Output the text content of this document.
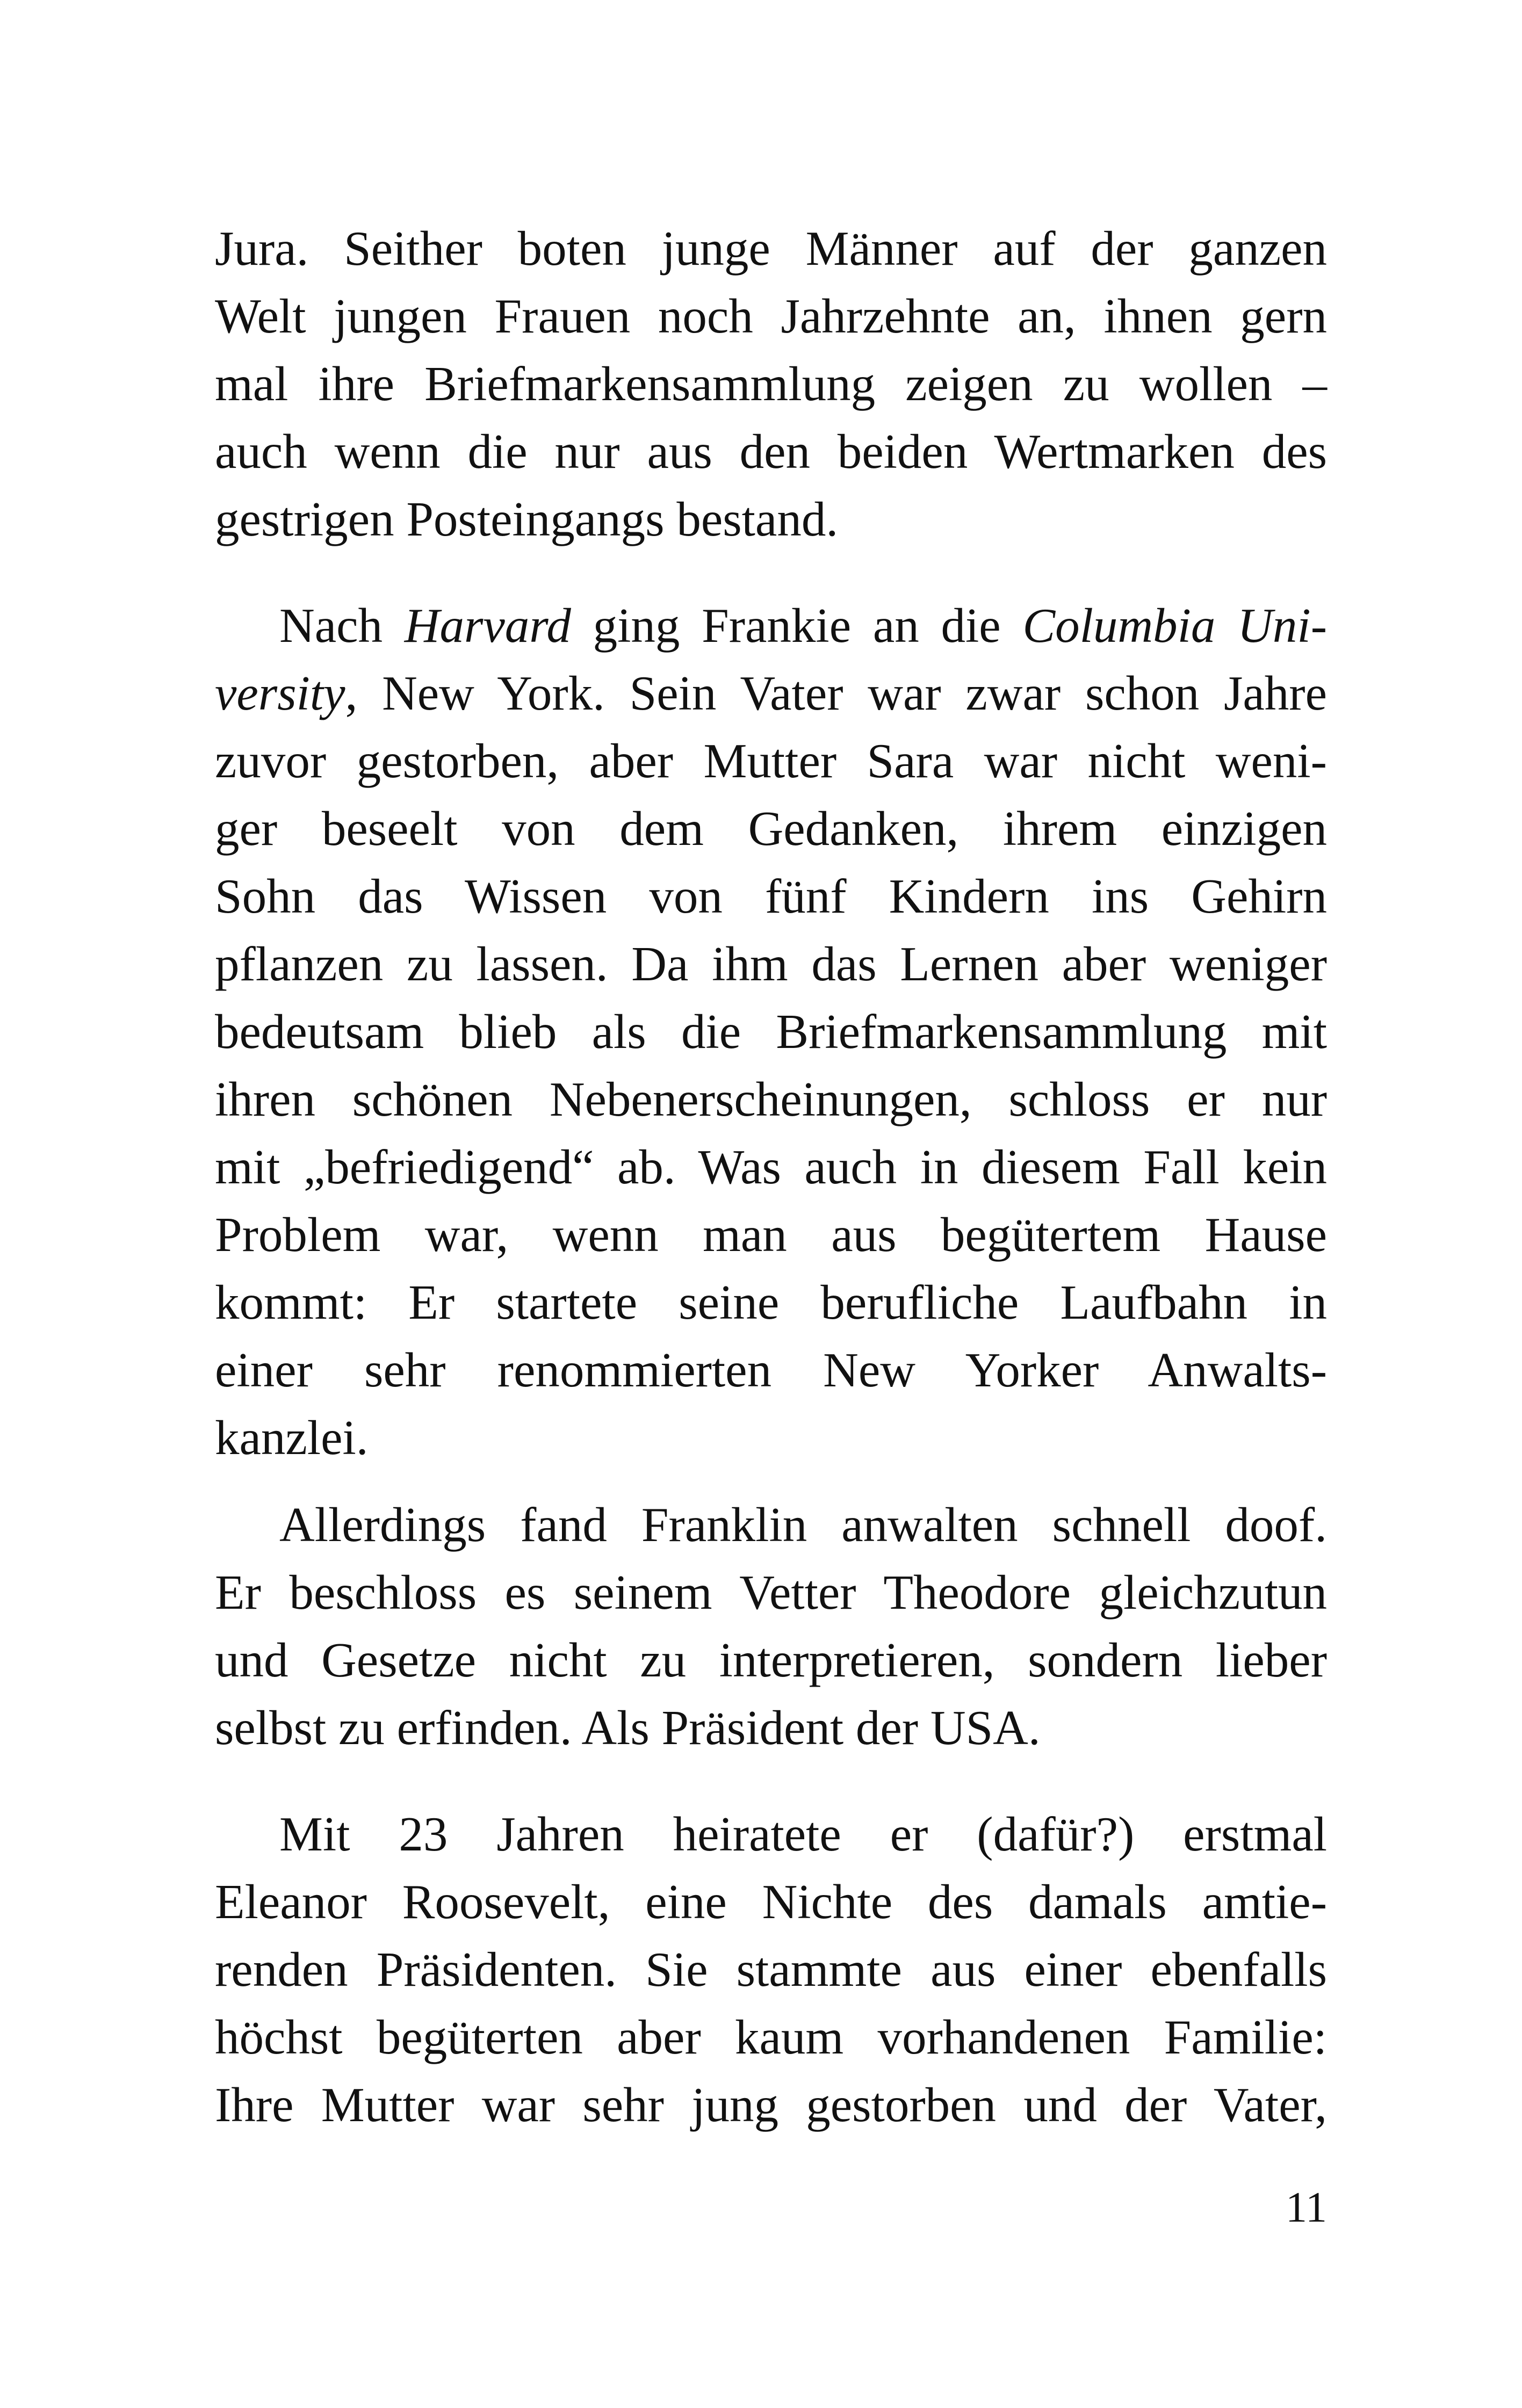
Jura. Seither boten junge Männer auf der ganzen
Welt jungen Frauen noch Jahrzehnte an, ihnen gern
mal ihre Briefmarkensammlung zeigen zu wollen –
auch wenn die nur aus den beiden Wertmarken des
gestrigen Posteingangs bestand.
Nach Harvard ging Frankie an die Columbia Uni-
versity, New York. Sein Vater war zwar schon Jahre
zuvor gestorben, aber Mutter Sara war nicht weni-
ger beseelt von dem Gedanken, ihrem einzigen
Sohn das Wissen von fünf Kindern ins Gehirn
pflanzen zu lassen. Da ihm das Lernen aber weniger
bedeutsam blieb als die Briefmarkensammlung mit
ihren schönen Nebenerscheinungen, schloss er nur
mit „befriedigend“ ab. Was auch in diesem Fall kein
Problem war, wenn man aus begütertem Hause
kommt: Er startete seine berufliche Laufbahn in
einer sehr renommierten New Yorker Anwalts-
kanzlei.
Allerdings fand Franklin anwalten schnell doof.
Er beschloss es seinem Vetter Theodore gleichzutun
und Gesetze nicht zu interpretieren, sondern lieber
selbst zu erfinden. Als Präsident der USA.
Mit 23 Jahren heiratete er (dafür?) erstmal
Eleanor Roosevelt, eine Nichte des damals amtie-
renden Präsidenten. Sie stammte aus einer ebenfalls
höchst begüterten aber kaum vorhandenen Familie:
Ihre Mutter war sehr jung gestorben und der Vater,
11
